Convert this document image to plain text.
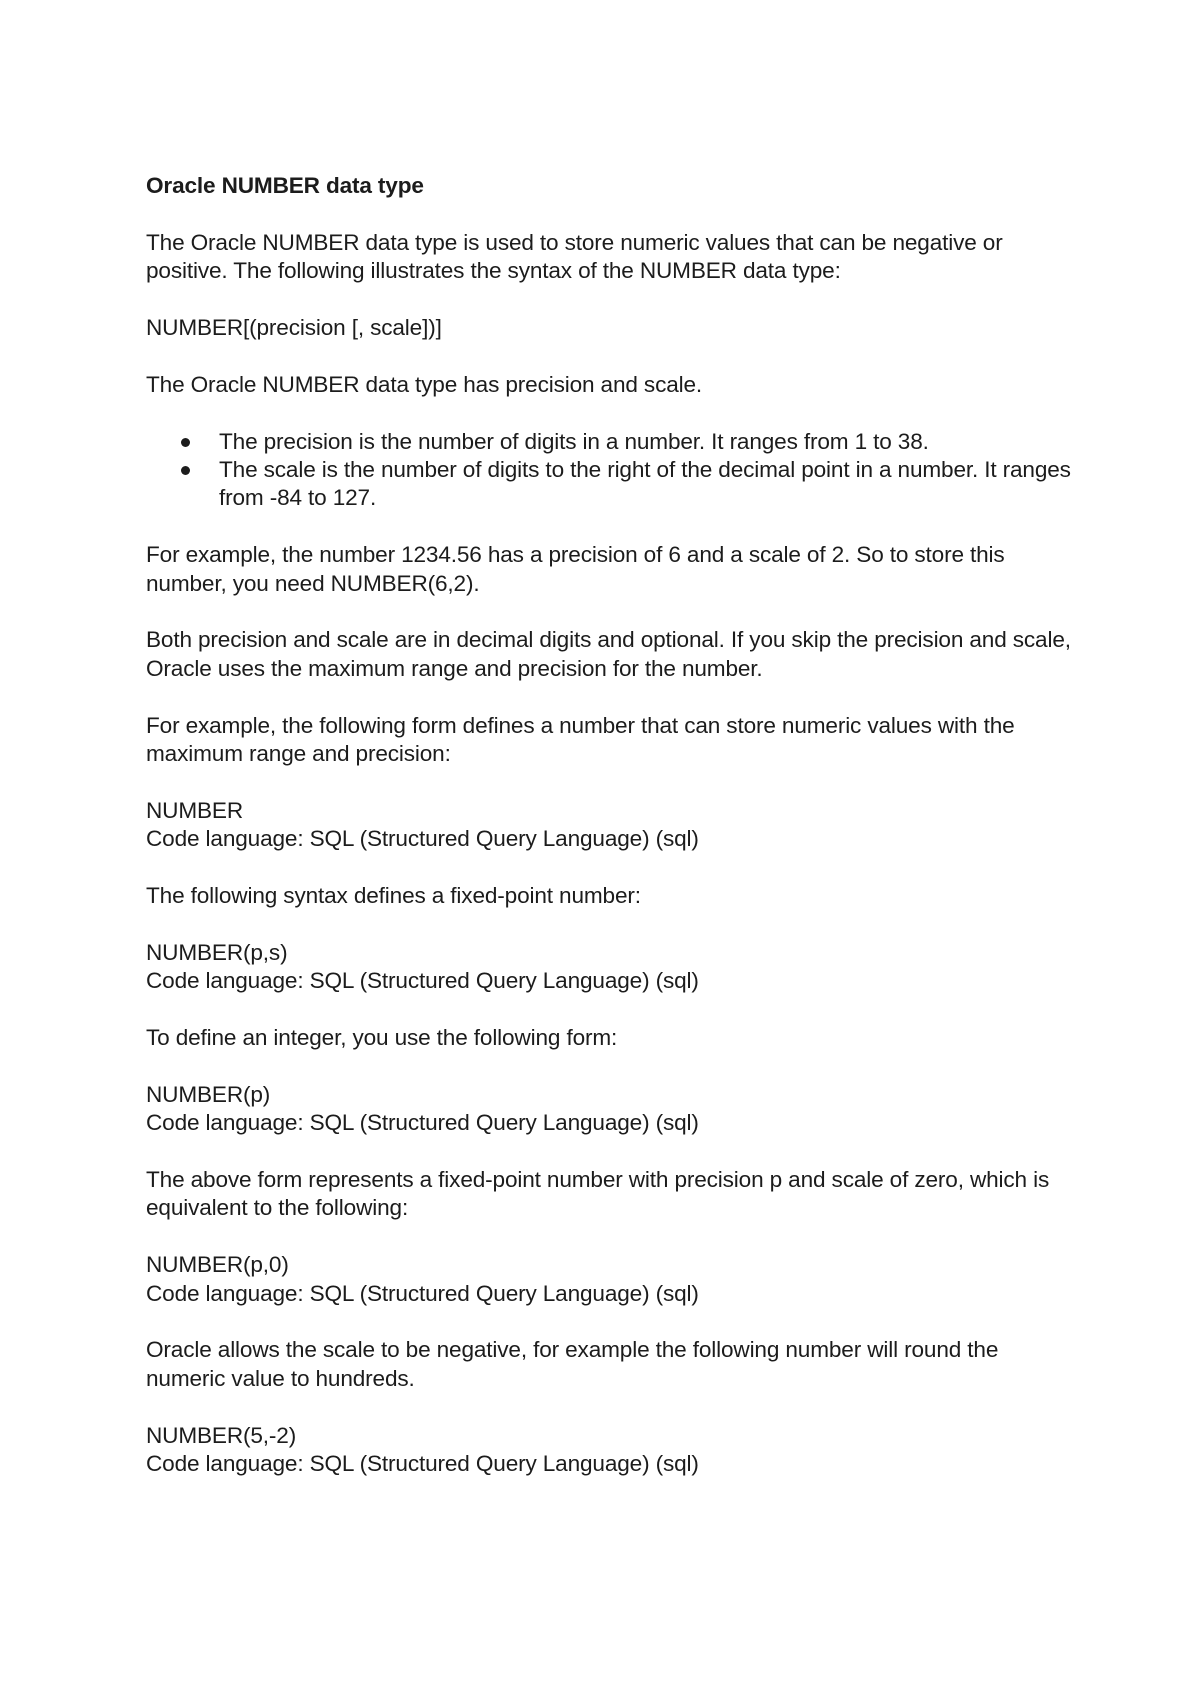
Oracle NUMBER data type

The Oracle NUMBER data type is used to store numeric values that can be negative or positive. The following illustrates the syntax of the NUMBER data type:

NUMBER[(precision [, scale])]

The Oracle NUMBER data type has precision and scale.

The precision is the number of digits in a number. It ranges from 1 to 38.
The scale is the number of digits to the right of the decimal point in a number. It ranges from -84 to 127.

For example, the number 1234.56 has a precision of 6 and a scale of 2. So to store this number, you need NUMBER(6,2).

Both precision and scale are in decimal digits and optional. If you skip the precision and scale, Oracle uses the maximum range and precision for the number.

For example, the following form defines a number that can store numeric values with the maximum range and precision:

NUMBER
Code language: SQL (Structured Query Language) (sql)

The following syntax defines a fixed-point number:

NUMBER(p,s)
Code language: SQL (Structured Query Language) (sql)

To define an integer, you use the following form:

NUMBER(p)
Code language: SQL (Structured Query Language) (sql)

The above form represents a fixed-point number with precision p and scale of zero, which is equivalent to the following:

NUMBER(p,0)
Code language: SQL (Structured Query Language) (sql)

Oracle allows the scale to be negative, for example the following number will round the numeric value to hundreds.

NUMBER(5,-2)
Code language: SQL (Structured Query Language) (sql)
